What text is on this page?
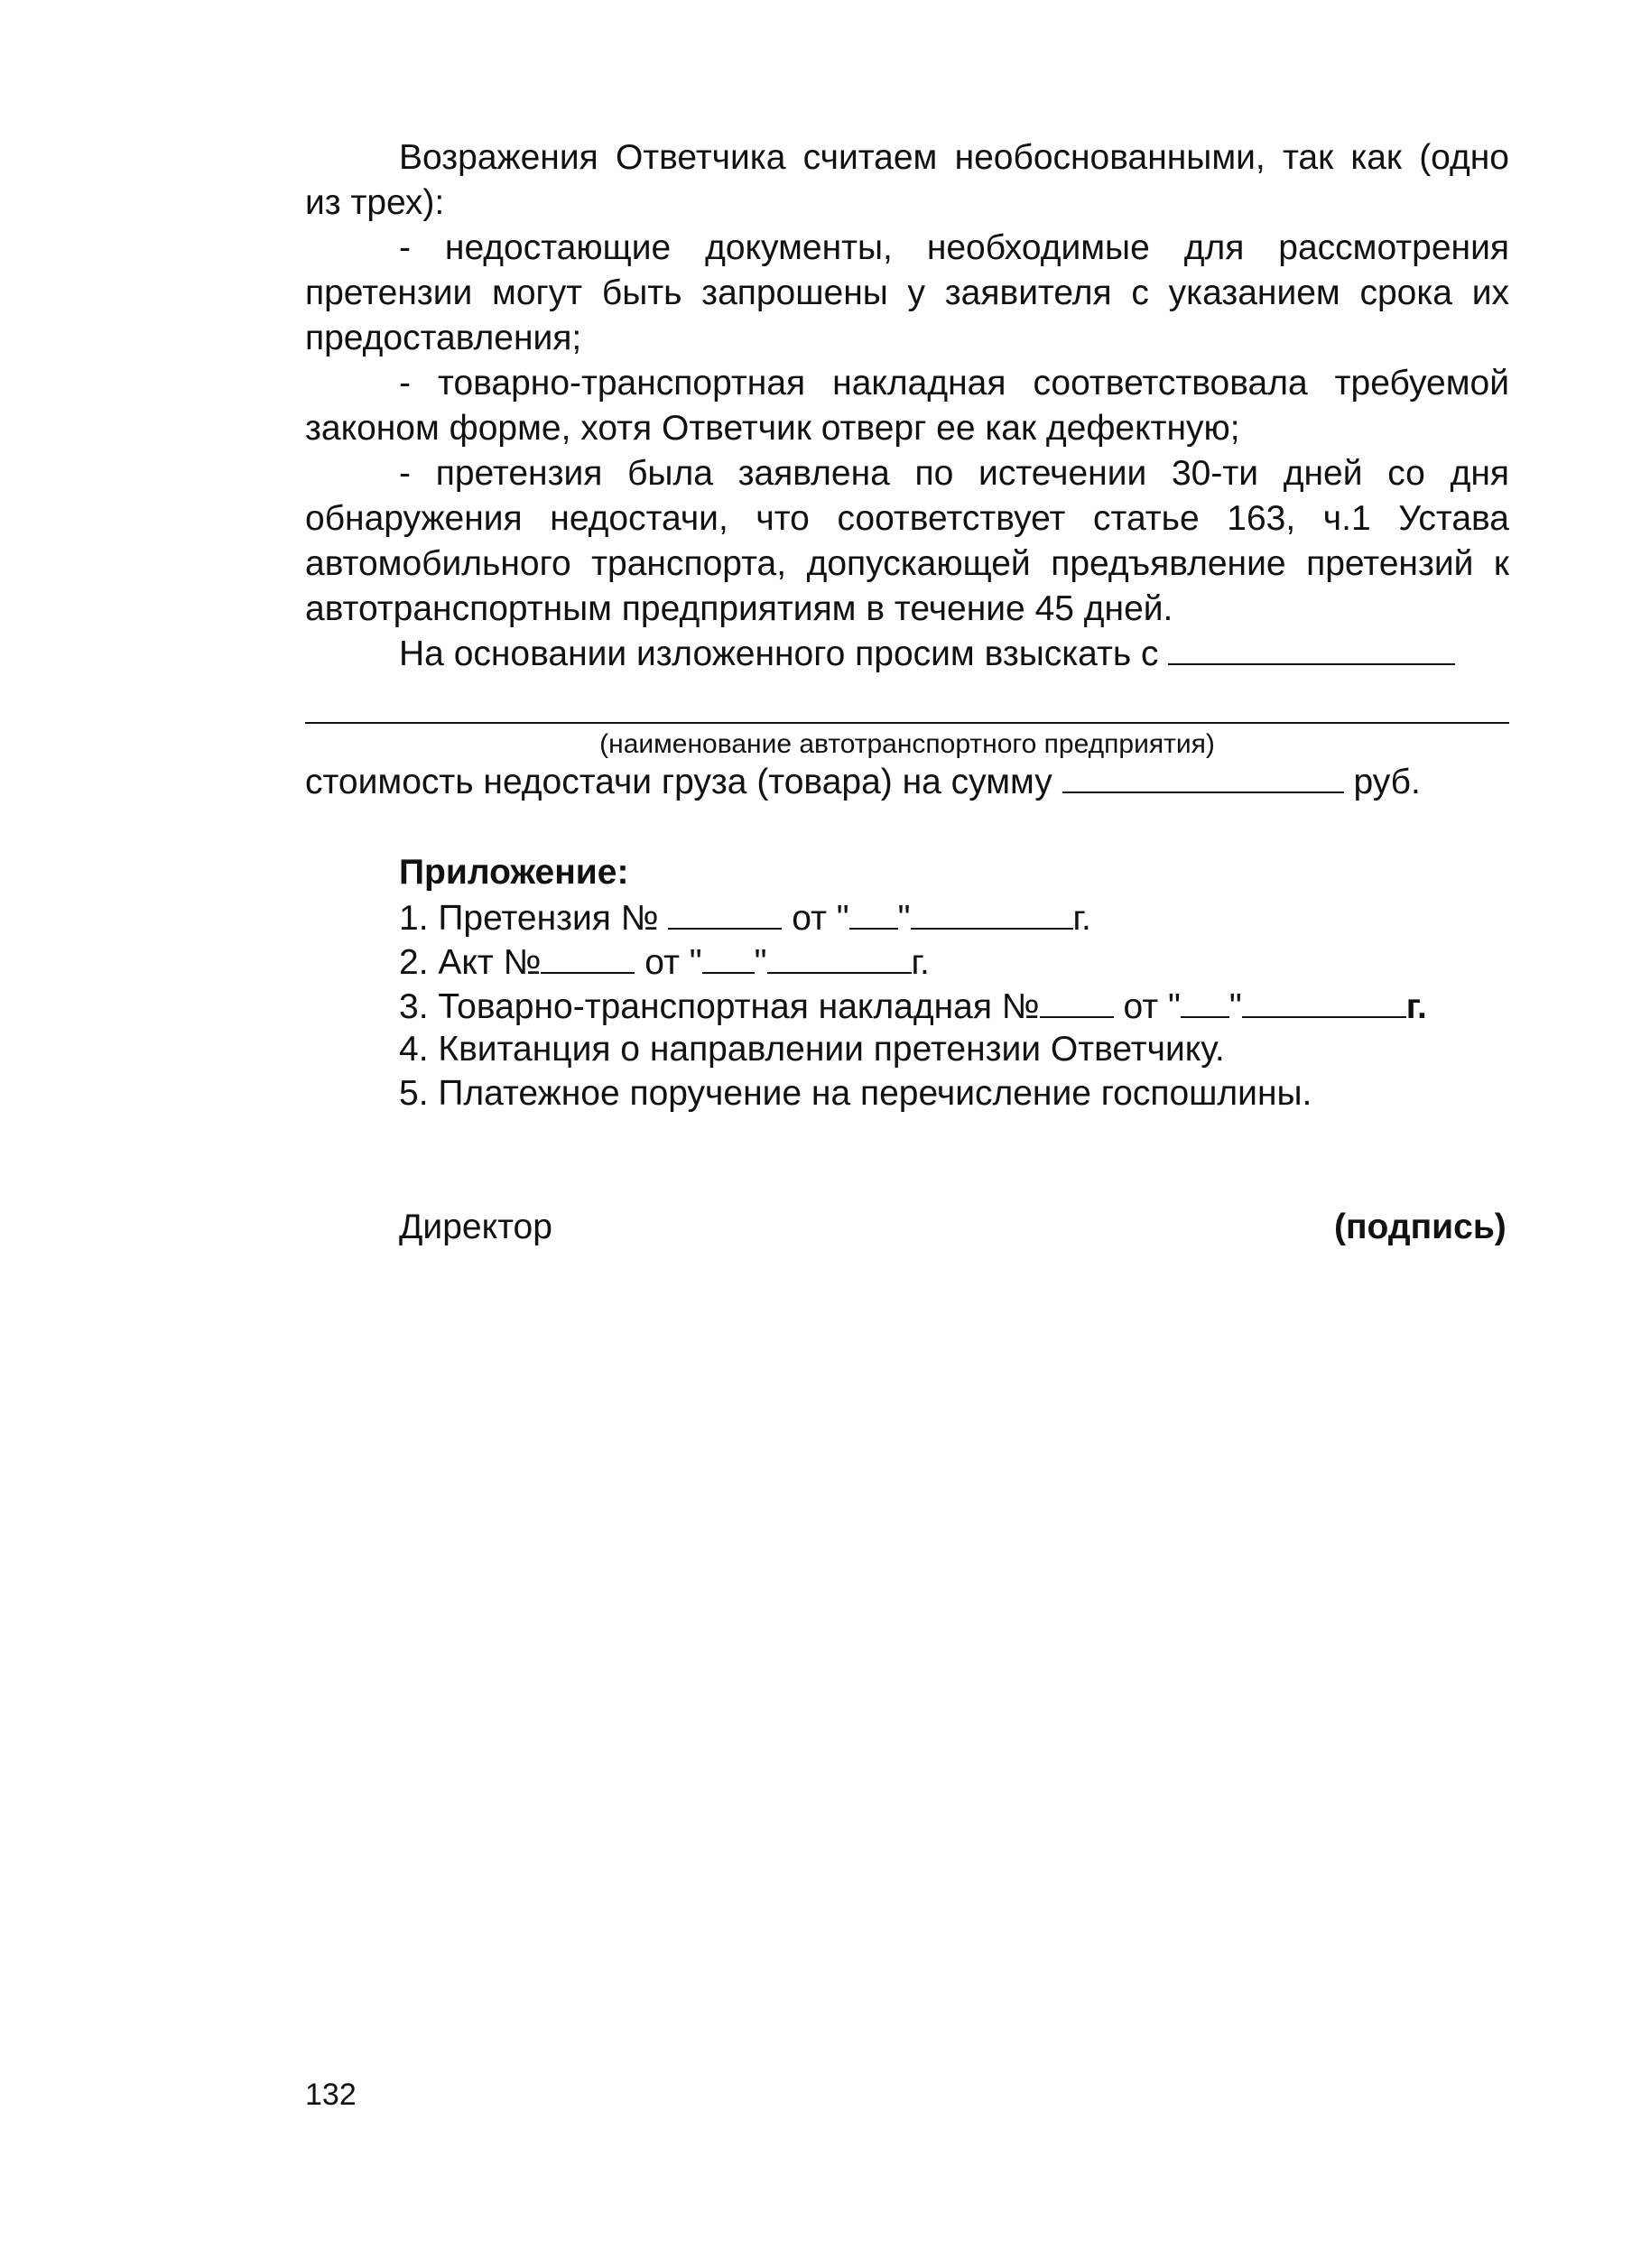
Возражения Ответчика считаем необоснованными, так как (одно из трех):

- недостающие документы, необходимые для рассмотрения претензии могут быть запрошены у заявителя с указанием срока их предоставления;

- товарно-транспортная накладная соответствовала требуемой законом форме, хотя Ответчик отверг ее как дефектную;

- претензия была заявлена по истечении 30-ти дней со дня обнаружения недостачи, что соответствует статье 163, ч.1 Устава автомобильного транспорта, допускающей предъявление претензий к автотранспортным предприятиям в течение 45 дней.

На основании изложенного просим взыскать с

(наименование автотранспортного предприятия)
стоимость недостачи груза (товара) на сумму	руб.
Приложение:
1. Претензия №	от " "	г.
2. Акт №	от " "	г.
3. Товарно-транспортная накладная № от " "	г.
4. Квитанция о направлении претензии Ответчику.
5. Платежное поручение на перечисление госпошлины.
Директор	(подпись)
132
